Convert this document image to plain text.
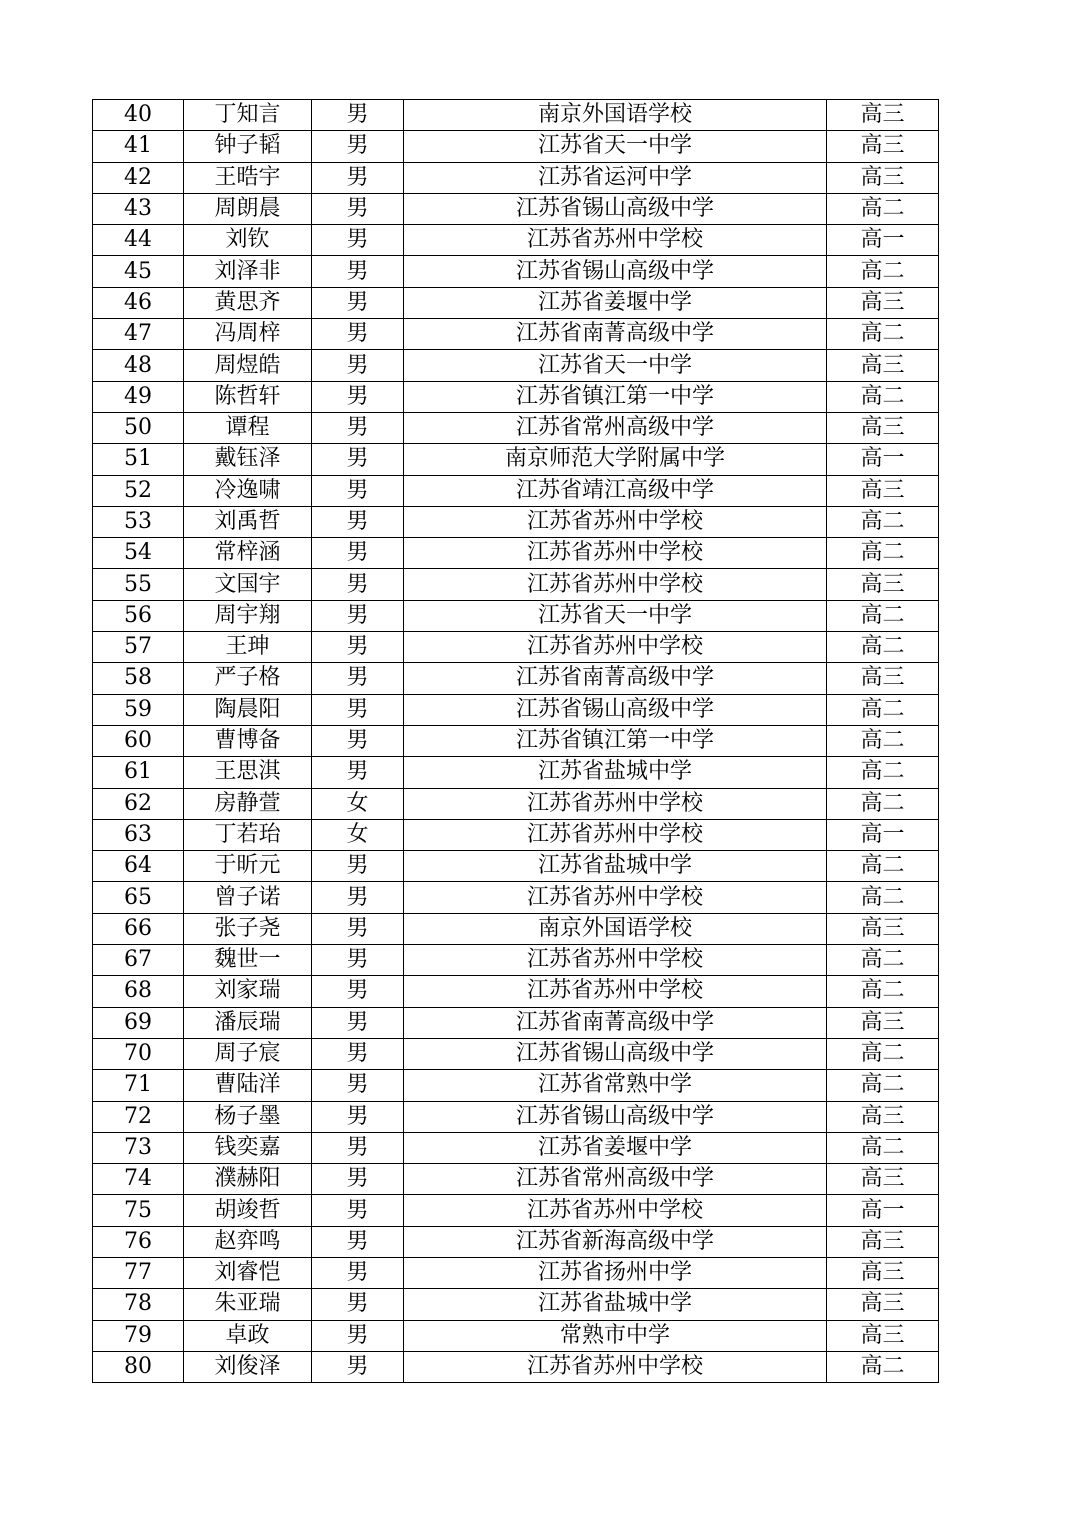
40	丁知言	男	南京外国语学校	高三
41	钟子韬	男	江苏省天一中学	高三
42	王晧宇	男	江苏省运河中学	高三
43	周朗晨	男	江苏省锡山高级中学	高二
44	刘钦	男	江苏省苏州中学校	高一
45	刘泽非	男	江苏省锡山高级中学	高二
46	黄思齐	男	江苏省姜堰中学	高三
47	冯周梓	男	江苏省南菁高级中学	高二
48	周煜皓	男	江苏省天一中学	高三
49	陈哲轩	男	江苏省镇江第一中学	高二
50	谭程	男	江苏省常州高级中学	高三
51	戴钰泽	男	南京师范大学附属中学	高一
52	冷逸啸	男	江苏省靖江高级中学	高三
53	刘禹哲	男	江苏省苏州中学校	高二
54	常梓涵	男	江苏省苏州中学校	高二
55	文国宇	男	江苏省苏州中学校	高三
56	周宇翔	男	江苏省天一中学	高二
57	王珅	男	江苏省苏州中学校	高二
58	严子格	男	江苏省南菁高级中学	高三
59	陶晨阳	男	江苏省锡山高级中学	高二
60	曹博备	男	江苏省镇江第一中学	高二
61	王思淇	男	江苏省盐城中学	高二
62	房静萱	女	江苏省苏州中学校	高二
63	丁若珆	女	江苏省苏州中学校	高一
64	于昕元	男	江苏省盐城中学	高二
65	曾子诺	男	江苏省苏州中学校	高二
66	张子尧	男	南京外国语学校	高三
67	魏世一	男	江苏省苏州中学校	高二
68	刘家瑞	男	江苏省苏州中学校	高二
69	潘辰瑞	男	江苏省南菁高级中学	高三
70	周子宸	男	江苏省锡山高级中学	高二
71	曹陆洋	男	江苏省常熟中学	高二
72	杨子墨	男	江苏省锡山高级中学	高三
73	钱奕嘉	男	江苏省姜堰中学	高二
74	濮赫阳	男	江苏省常州高级中学	高三
75	胡竣哲	男	江苏省苏州中学校	高一
76	赵弈鸣	男	江苏省新海高级中学	高三
77	刘睿恺	男	江苏省扬州中学	高三
78	朱亚瑞	男	江苏省盐城中学	高三
79	卓政	男	常熟市中学	高三
80	刘俊泽	男	江苏省苏州中学校	高二
